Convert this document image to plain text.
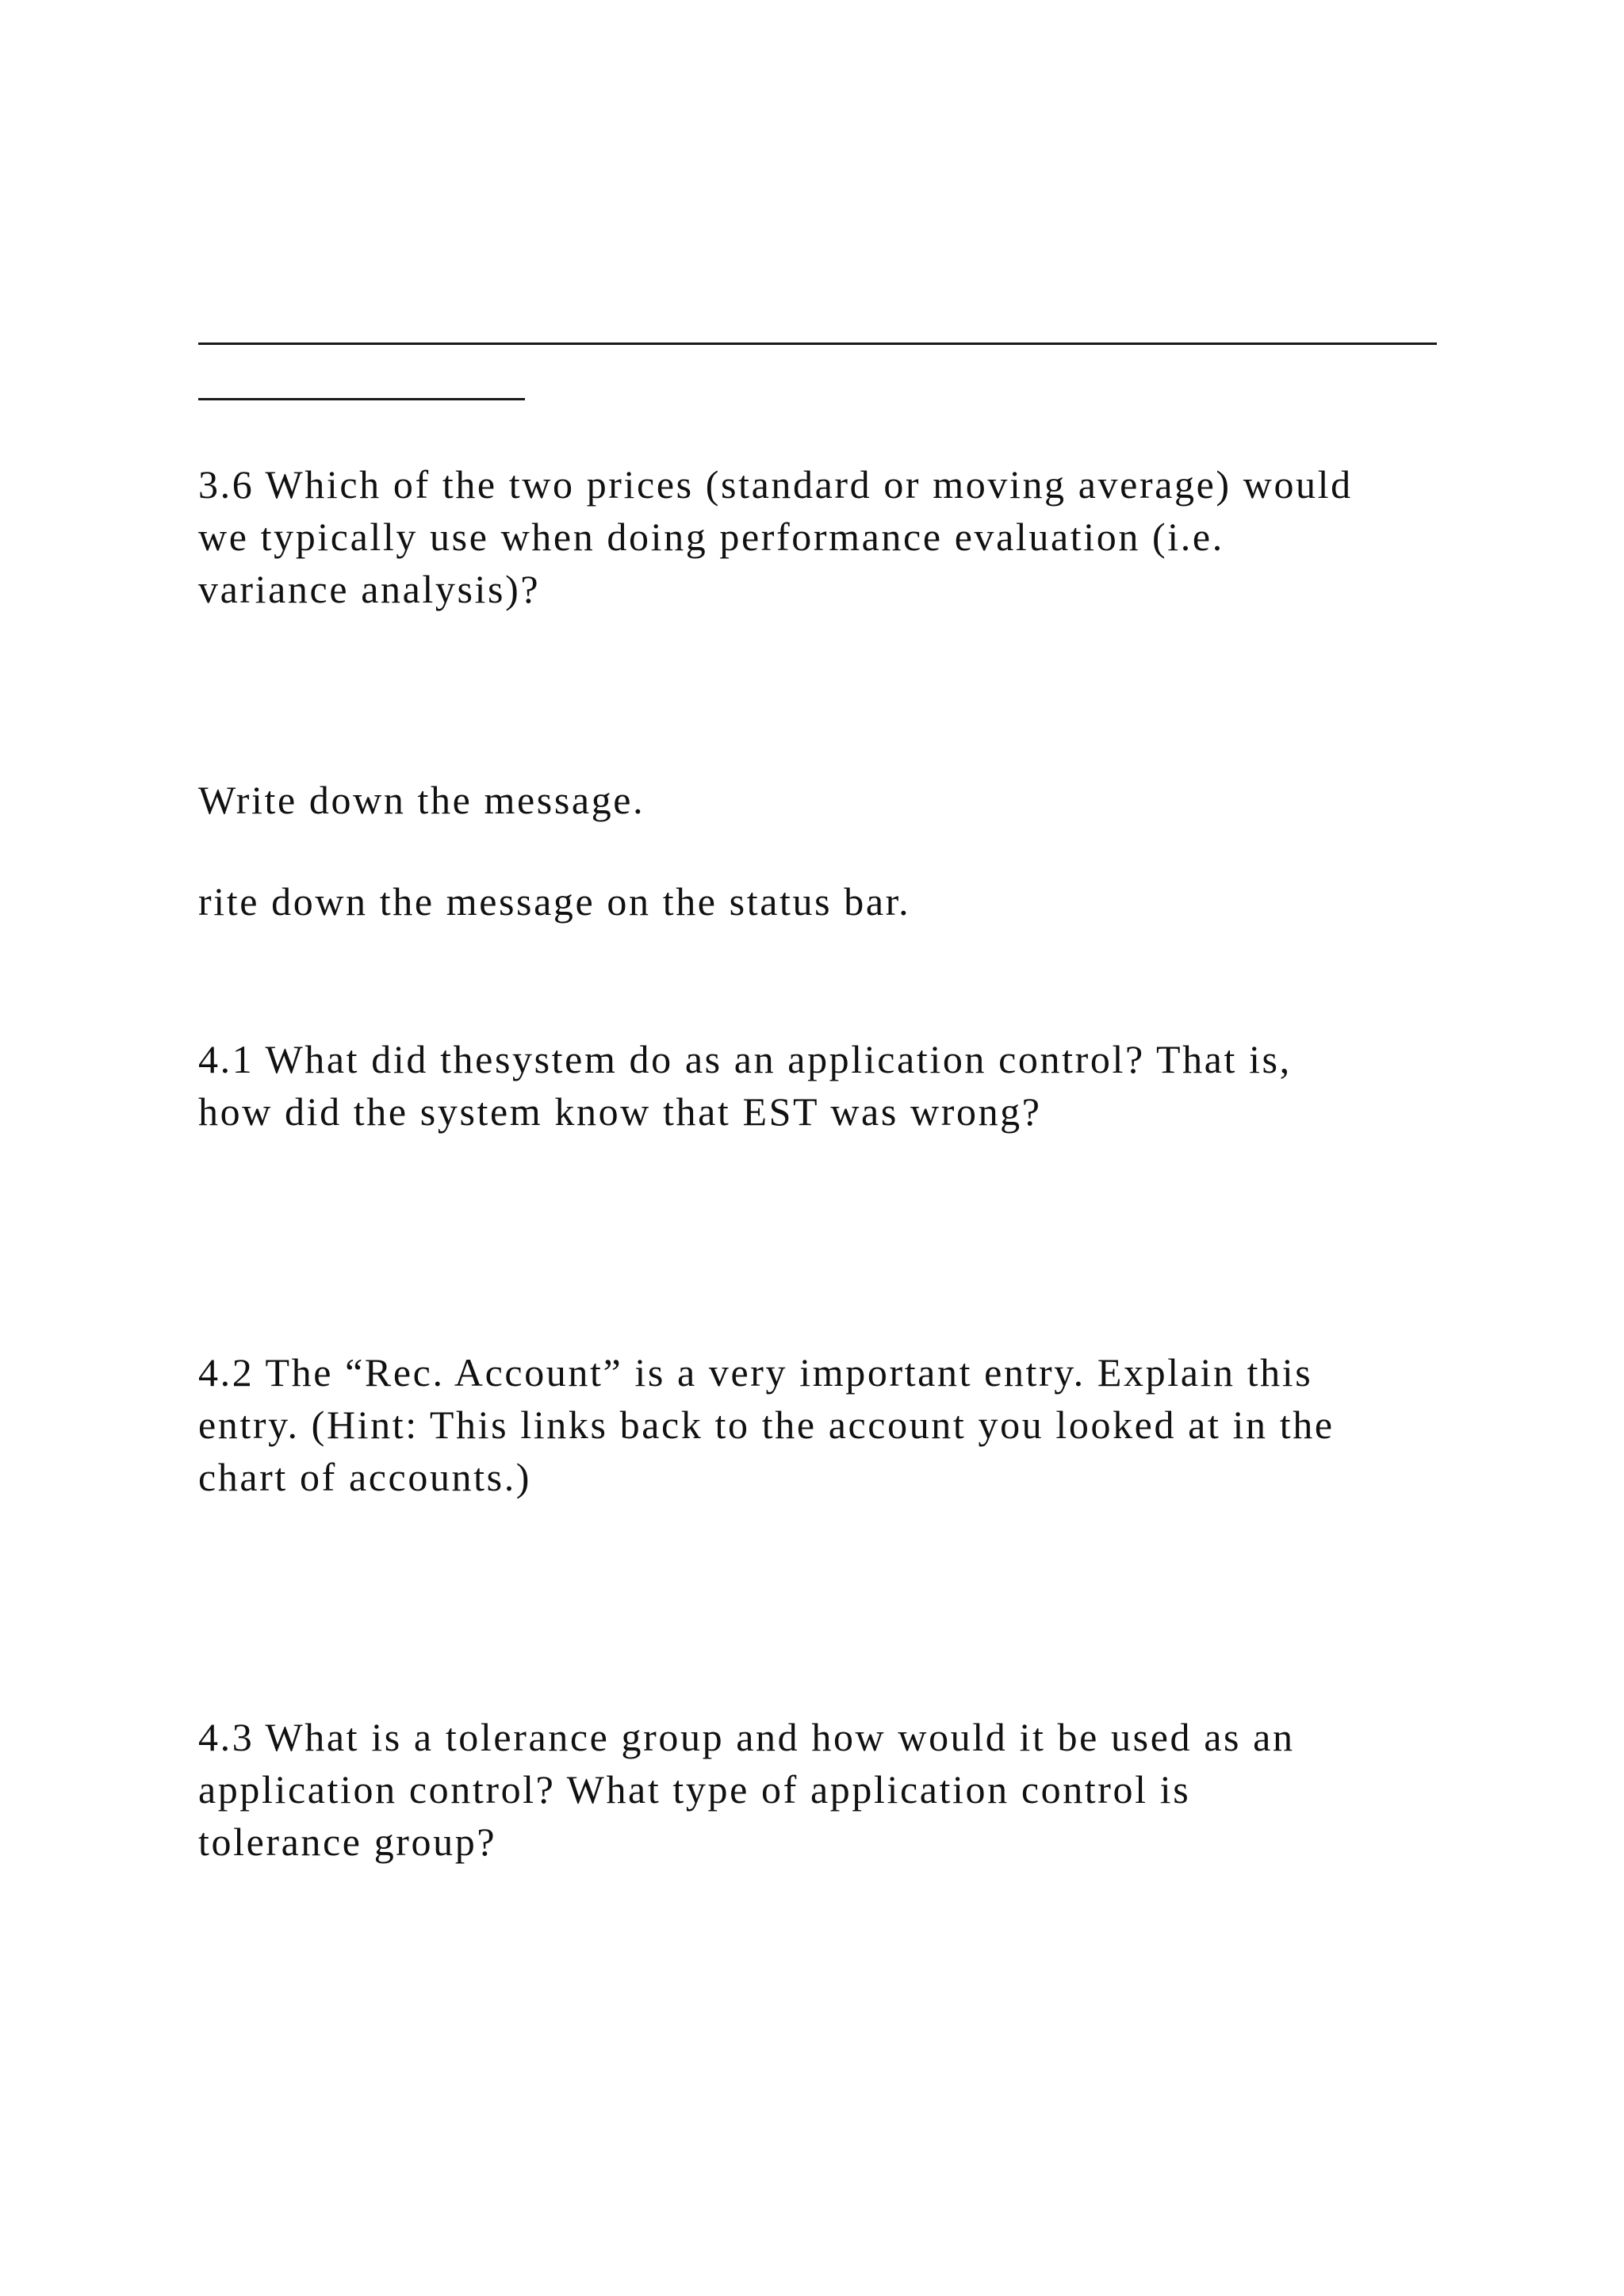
3.6 Which of the two prices (standard or moving average) would
we typically use when doing performance evaluation (i.e.
variance analysis)?
Write down the message.
rite down the message on the status bar.
4.1 What did thesystem do as an application control? That is,
how did the system know that EST was wrong?
4.2 The “Rec. Account” is a very important entry. Explain this
entry. (Hint: This links back to the account you looked at in the
chart of accounts.)
4.3 What is a tolerance group and how would it be used as an
application control? What type of application control is
tolerance group?
